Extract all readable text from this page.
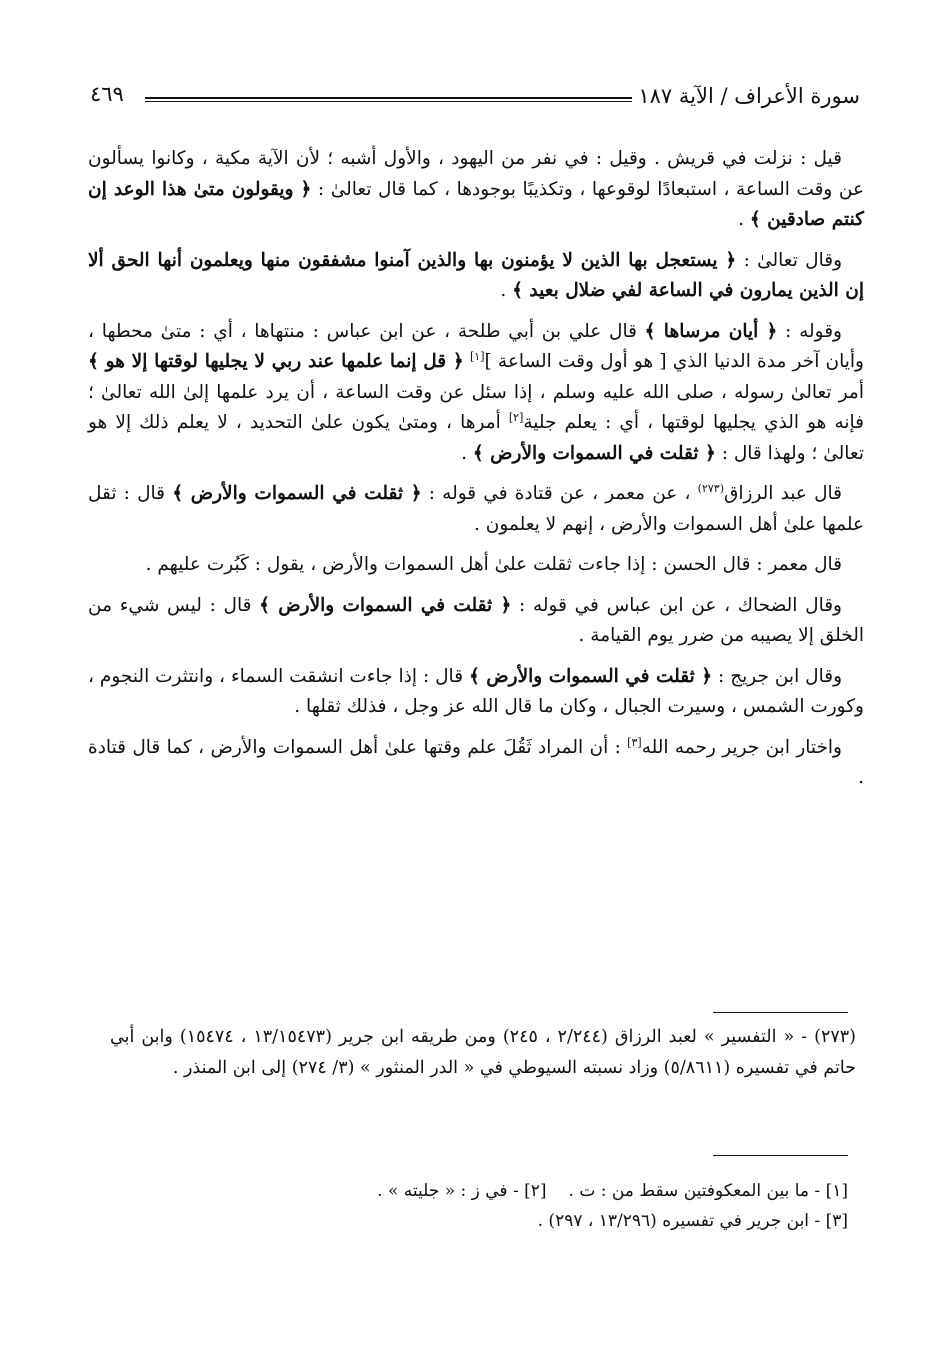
سورة الأعراف / الآية ١٨٧
٤٦٩

قيل : نزلت في قريش . وقيل : في نفر من اليهود ، والأول أشبه ؛ لأن الآية مكية ، وكانوا يسألون عن وقت الساعة ، استبعادًا لوقوعها ، وتكذيبًا بوجودها ، كما قال تعالىٰ : ﴿ ويقولون متىٰ هذا الوعد إن كنتم صادقين ﴾ .

وقال تعالىٰ : ﴿ يستعجل بها الذين لا يؤمنون بها والذين آمنوا مشفقون منها ويعلمون أنها الحق ألا إن الذين يمارون في الساعة لفي ضلال بعيد ﴾ .

وقوله : ﴿ أيان مرساها ﴾ قال علي بن أبي طلحة ، عن ابن عباس : منتهاها ، أي : متىٰ محطها ، وأيان آخر مدة الدنيا الذي [ هو أول وقت الساعة ][١] ﴿ قل إنما علمها عند ربي لا يجليها لوقتها إلا هو ﴾ أمر تعالىٰ رسوله ، صلى الله عليه وسلم ، إذا سئل عن وقت الساعة ، أن يرد علمها إلىٰ الله تعالىٰ ؛ فإنه هو الذي يجليها لوقتها ، أي : يعلم جلية[٢] أمرها ، ومتىٰ يكون علىٰ التحديد ، لا يعلم ذلك إلا هو تعالىٰ ؛ ولهذا قال : ﴿ ثقلت في السموات والأرض ﴾ .

قال عبد الرزاق$^{(٢٧٣)}$ ، عن معمر ، عن قتادة في قوله : ﴿ ثقلت في السموات والأرض ﴾ قال : ثقل علمها علىٰ أهل السموات والأرض ، إنهم لا يعلمون .

قال معمر : قال الحسن : إذا جاءت ثقلت علىٰ أهل السموات والأرض ، يقول : كَبُرت عليهم .

وقال الضحاك ، عن ابن عباس في قوله : ﴿ ثقلت في السموات والأرض ﴾ قال : ليس شيء من الخلق إلا يصيبه من ضرر يوم القيامة .

وقال ابن جريج : ﴿ ثقلت في السموات والأرض ﴾ قال : إذا جاءت انشقت السماء ، وانتثرت النجوم ، وكورت الشمس ، وسيرت الجبال ، وكان ما قال الله عز وجل ، فذلك ثقلها .

واختار ابن جرير رحمه الله[٣] : أن المراد ثَقُلَ علم وقتها علىٰ أهل السموات والأرض ، كما قال قتادة .

(٢٧٣) - « التفسير » لعبد الرزاق (٢/٢٤٤ ، ٢٤٥) ومن طريقه ابن جرير (١٣/١٥٤٧٣ ، ١٥٤٧٤) وابن أبي حاتم في تفسيره (٥/٨٦١١) وزاد نسبته السيوطي في « الدر المنثور » (٣/ ٢٧٤) إلى ابن المنذر .
[١] - ما بين المعكوفتين سقط من : ت .[٢] - في ز : « جليته » .
[٣] - ابن جرير في تفسيره (١٣/٢٩٦ ، ٢٩٧) .
